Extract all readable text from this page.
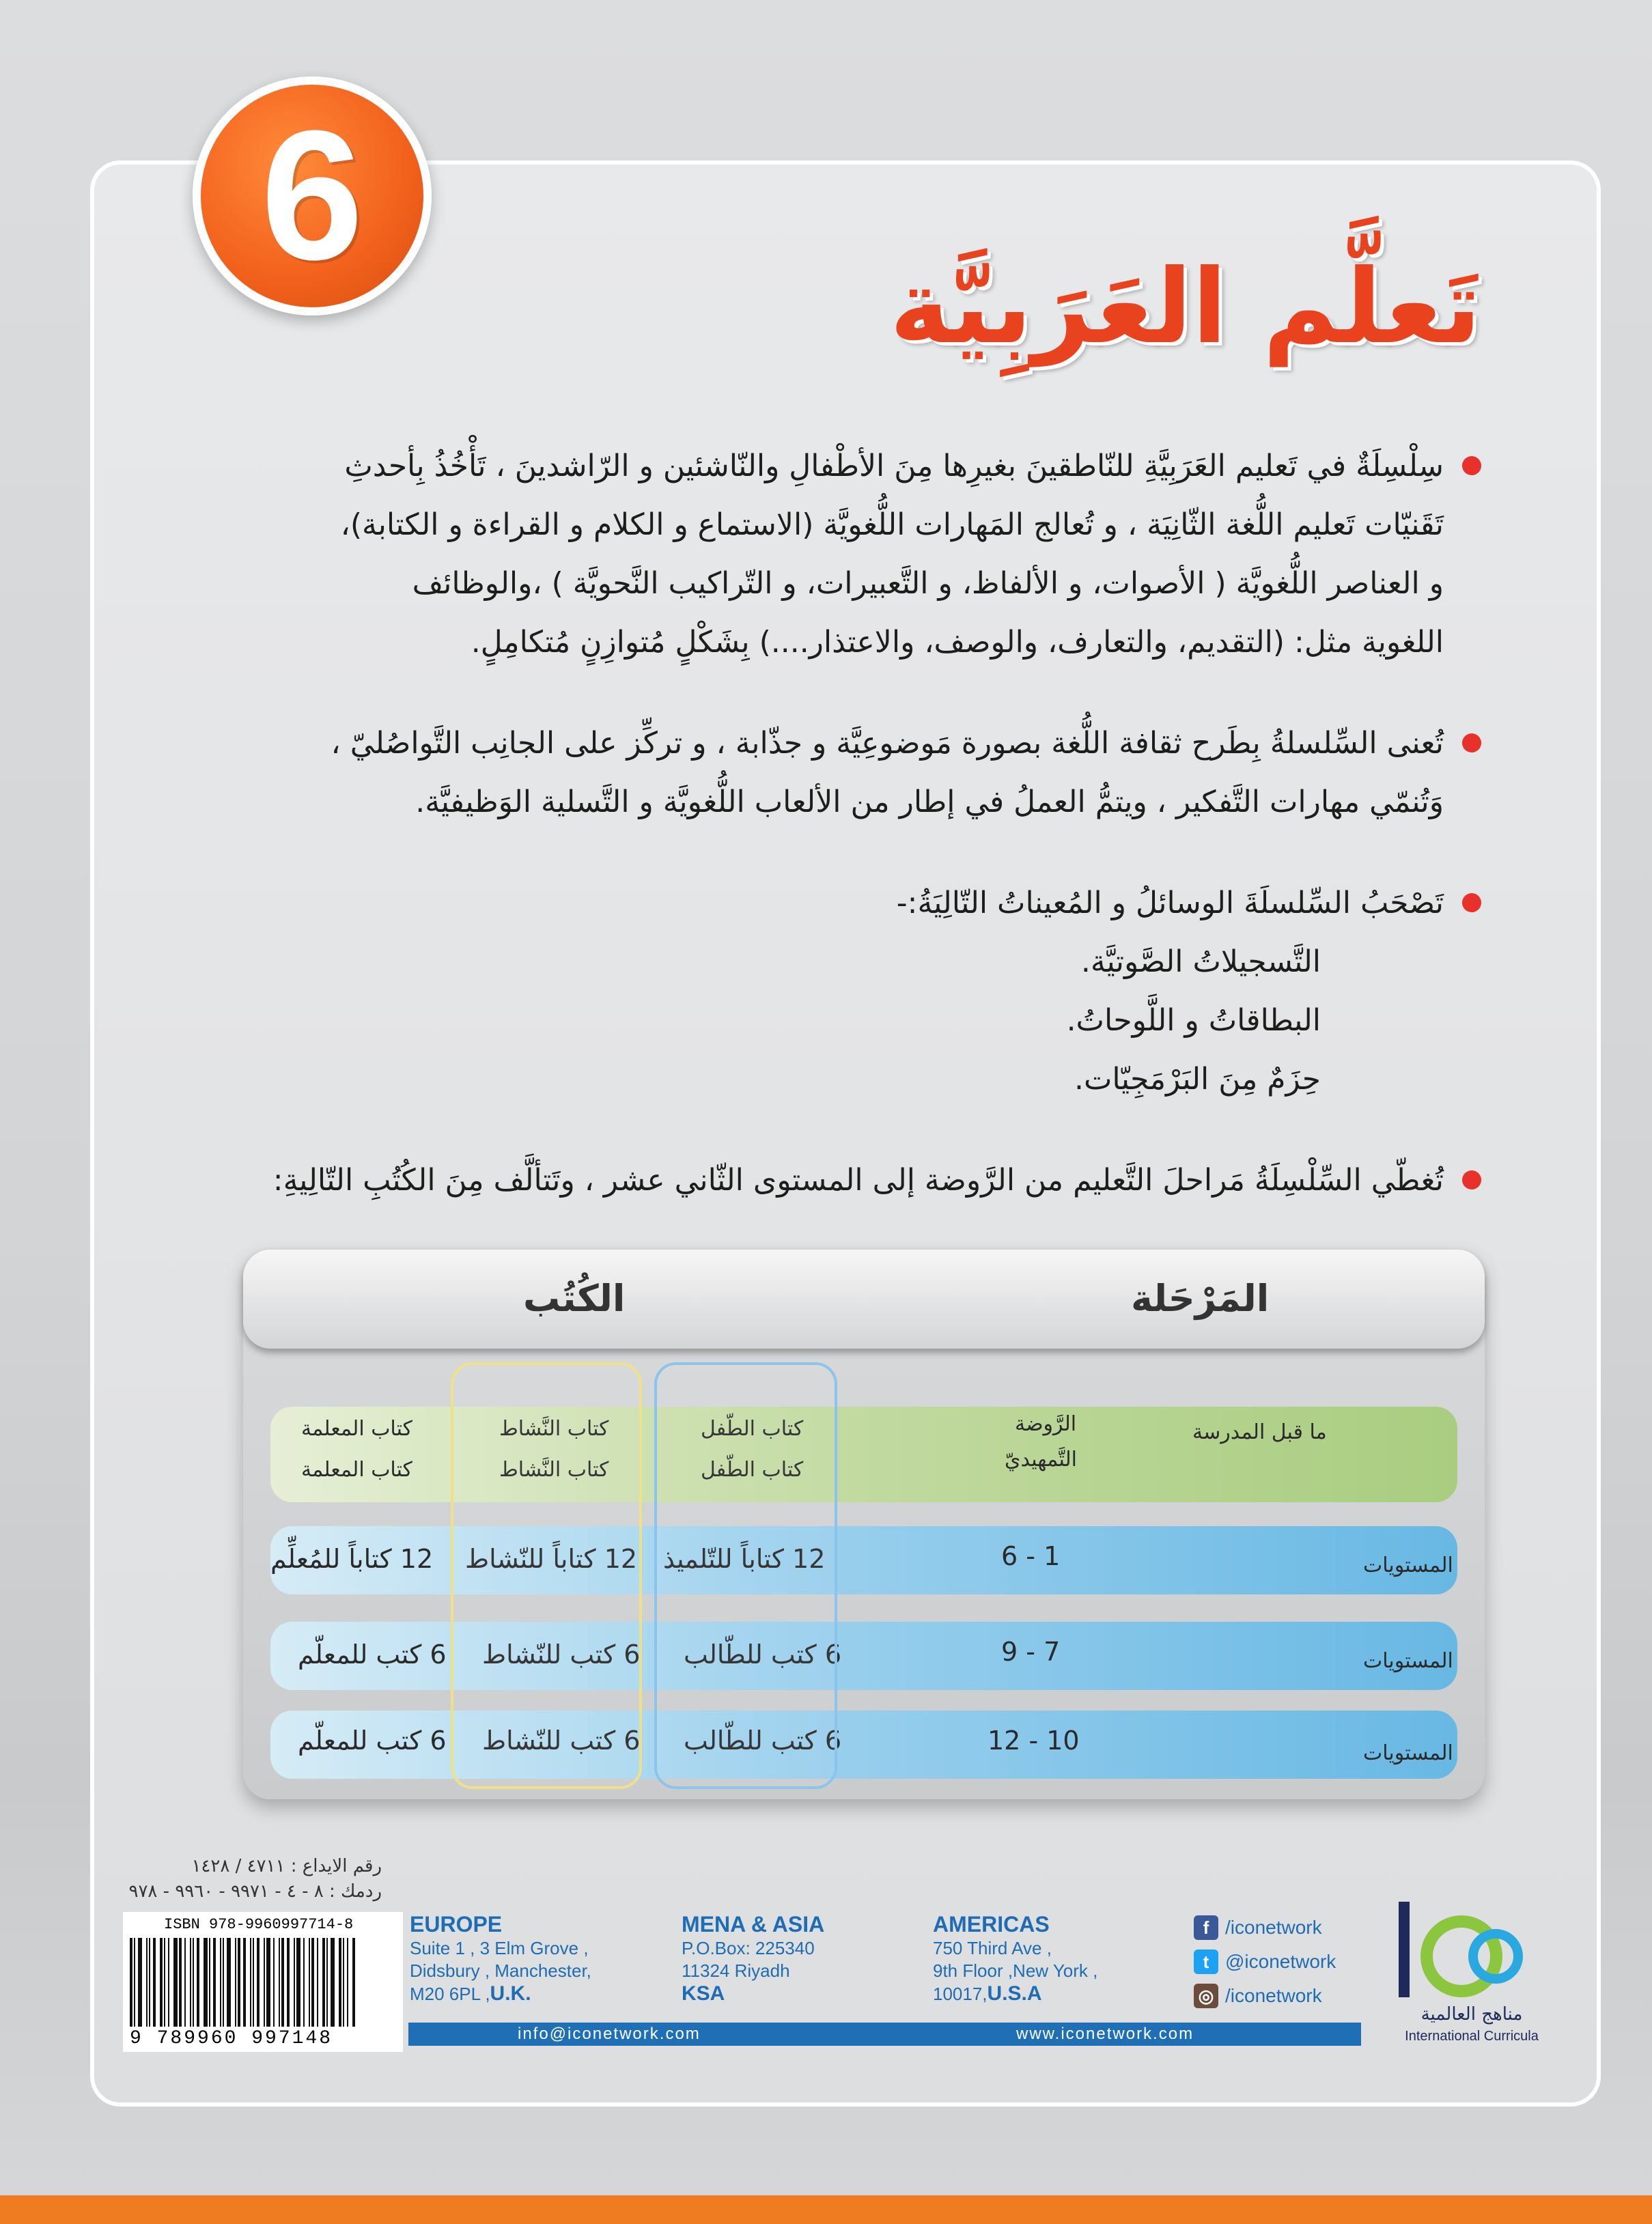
6
تَعلَّم العَرَبِيَّة
سِلْسِلَةٌ في تَعليم العَرَبِيَّةِ للنّاطقينَ بغيرِها مِنَ الأطْفالِ والنّاشئين و الرّاشدينَ ، تَأْخُذُ بِأحدثِ
تَقَنيّات تَعليم اللُّغة الثّانِيَة ، و تُعالج المَهارات اللُّغويَّة (الاستماع و الكلام و القراءة و الكتابة)،
و العناصر اللُّغويَّة ( الأصوات، و الألفاظ، و التَّعبيرات، و التّراكيب النَّحويَّة ) ،والوظائف
اللغوية مثل: (التقديم، والتعارف، والوصف، والاعتذار....) بِشَكْلٍ مُتوازِنٍ مُتكامِلٍ.
تُعنى السِّلسلةُ بِطَرح ثقافة اللُّغة بصورة مَوضوعِيَّة و جذّابة ، و تركِّز على الجانِب التَّواصُليّ ،
وَتُنمّي مهارات التَّفكير ، ويتمُّ العملُ في إطار من الألعاب اللُّغويَّة و التَّسلية الوَظيفيَّة.
تَصْحَبُ السِّلسلَةَ الوسائلُ و المُعيناتُ التّالِيَةُ:-

التَّسجيلاتُ الصَّوتيَّة.

البطاقاتُ و اللَّوحاتُ.

حِزَمٌ مِنَ البَرْمَجِيّات.

تُغطّي السِّلْسِلَةُ مَراحلَ التَّعليم من الرَّوضة إلى المستوى الثّاني عشر ، وتَتألَّف مِنَ الكُتُبِ التّالِيةِ:
المَرْحَلة
الكُتُب
ما قبل المدرسة
الرَّوضة
التَّمهيديّ
كتاب الطّفل
كتاب الطّفل
كتاب النَّشاط
كتاب النَّشاط
كتاب المعلمة
كتاب المعلمة
المستويات
1 - 6
12 كتاباً للتّلميذ
12 كتاباً للنّشاط
12 كتاباً للمُعلِّم
المستويات
7 - 9
6 كتب للطّالب
6 كتب للنّشاط
6 كتب للمعلّم
المستويات
10 - 12
6 كتب للطّالب
6 كتب للنّشاط
6 كتب للمعلّم
رقم الايداع : ٤٧١١ / ١٤٢٨
ردمك : ٨ - ٤ - ٩٩٧١ - ٩٩٦٠ - ٩٧٨
ISBN 978-9960997714-8
9 789960 997148
EUROPE
Suite 1 , 3 Elm Grove ,
Didsbury , Manchester,
M20 6PL ,U.K.
MENA & ASIA
P.O.Box: 225340
11324 Riyadh
KSA
AMERICAS
750 Third Ave ,
9th Floor ,New York ,
10017,U.S.A
info@iconetwork.com	www.iconetwork.com
f /iconetwork
t @iconetwork
◎ /iconetwork
مناهج العالمية
International Curricula
